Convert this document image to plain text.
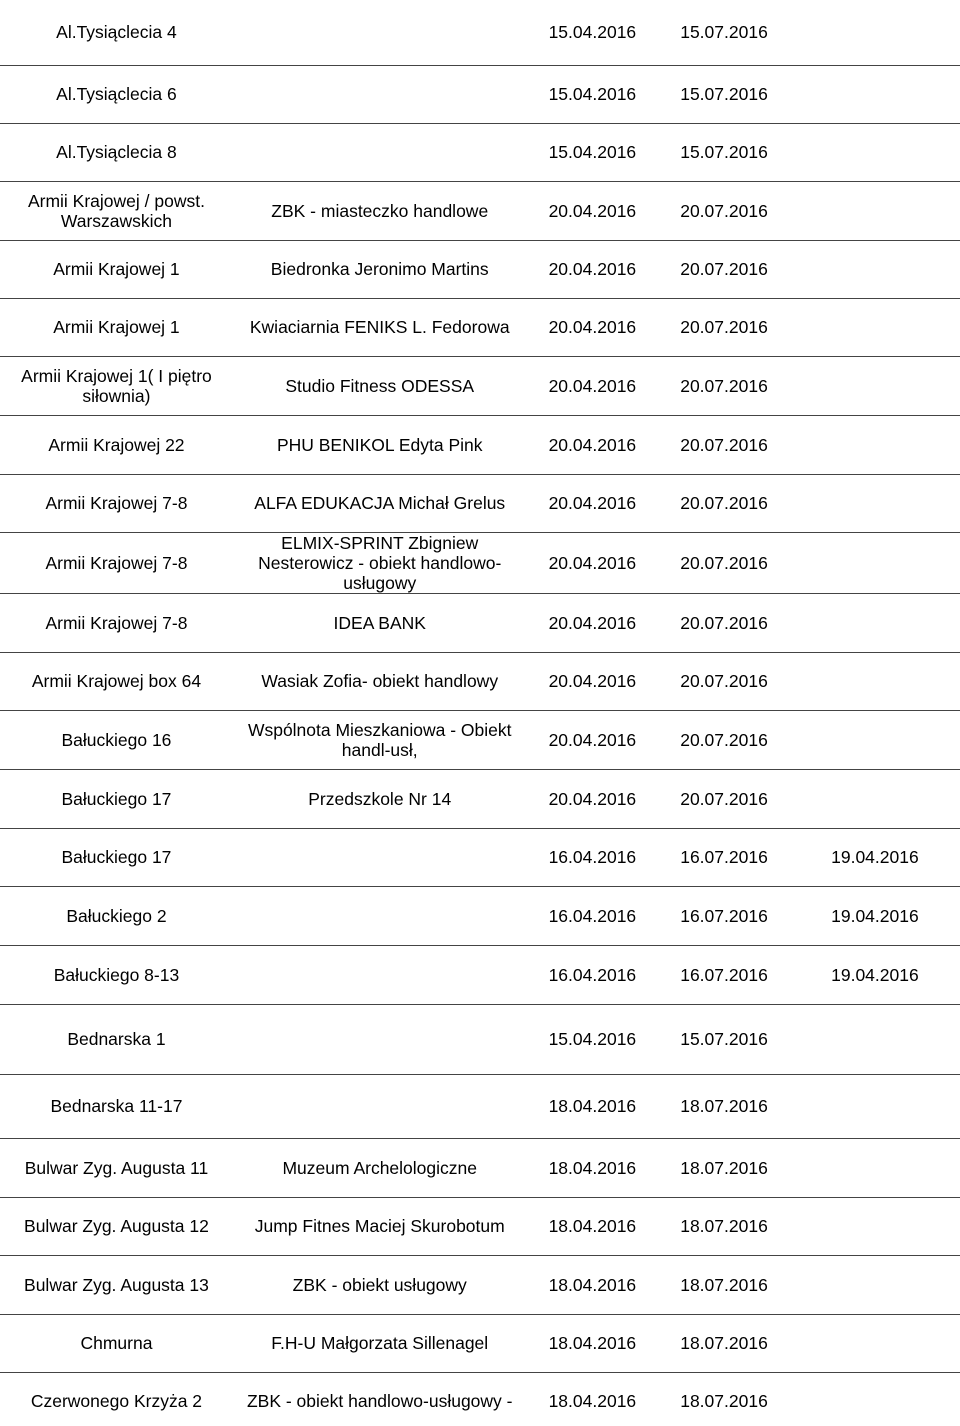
Al.Tysiąclecia 4		15.04.2016	15.07.2016	
Al.Tysiąclecia 6		15.04.2016	15.07.2016	
Al.Tysiąclecia 8		15.04.2016	15.07.2016	
Armii Krajowej / powst. Warszawskich	ZBK - miasteczko handlowe	20.04.2016	20.07.2016	
Armii Krajowej 1	Biedronka Jeronimo Martins	20.04.2016	20.07.2016	
Armii Krajowej 1	Kwiaciarnia FENIKS L. Fedorowa	20.04.2016	20.07.2016	
Armii Krajowej 1( I piętro siłownia)	Studio Fitness ODESSA	20.04.2016	20.07.2016	
Armii Krajowej 22	PHU BENIKOL Edyta Pink	20.04.2016	20.07.2016	
Armii Krajowej 7-8	ALFA EDUKACJA Michał Grelus	20.04.2016	20.07.2016	
Armii Krajowej 7-8	ELMIX-SPRINT Zbigniew Nesterowicz - obiekt handlowo-usługowy	20.04.2016	20.07.2016	
Armii Krajowej 7-8	IDEA BANK	20.04.2016	20.07.2016	
Armii Krajowej box 64	Wasiak Zofia- obiekt handlowy	20.04.2016	20.07.2016	
Bałuckiego 16	Wspólnota Mieszkaniowa - Obiekt handl-usł,	20.04.2016	20.07.2016	
Bałuckiego 17	Przedszkole Nr 14	20.04.2016	20.07.2016	
Bałuckiego 17		16.04.2016	16.07.2016	19.04.2016
Bałuckiego 2		16.04.2016	16.07.2016	19.04.2016
Bałuckiego 8-13		16.04.2016	16.07.2016	19.04.2016
Bednarska 1		15.04.2016	15.07.2016	
Bednarska 11-17		18.04.2016	18.07.2016	
Bulwar Zyg. Augusta 11	Muzeum Archelologiczne	18.04.2016	18.07.2016	
Bulwar Zyg. Augusta 12	Jump Fitnes Maciej Skurobotum	18.04.2016	18.07.2016	
Bulwar Zyg. Augusta 13	ZBK - obiekt usługowy	18.04.2016	18.07.2016	
Chmurna	F.H-U Małgorzata Sillenagel	18.04.2016	18.07.2016	
Czerwonego Krzyża 2	ZBK - obiekt handlowo-usługowy -	18.04.2016	18.07.2016	
